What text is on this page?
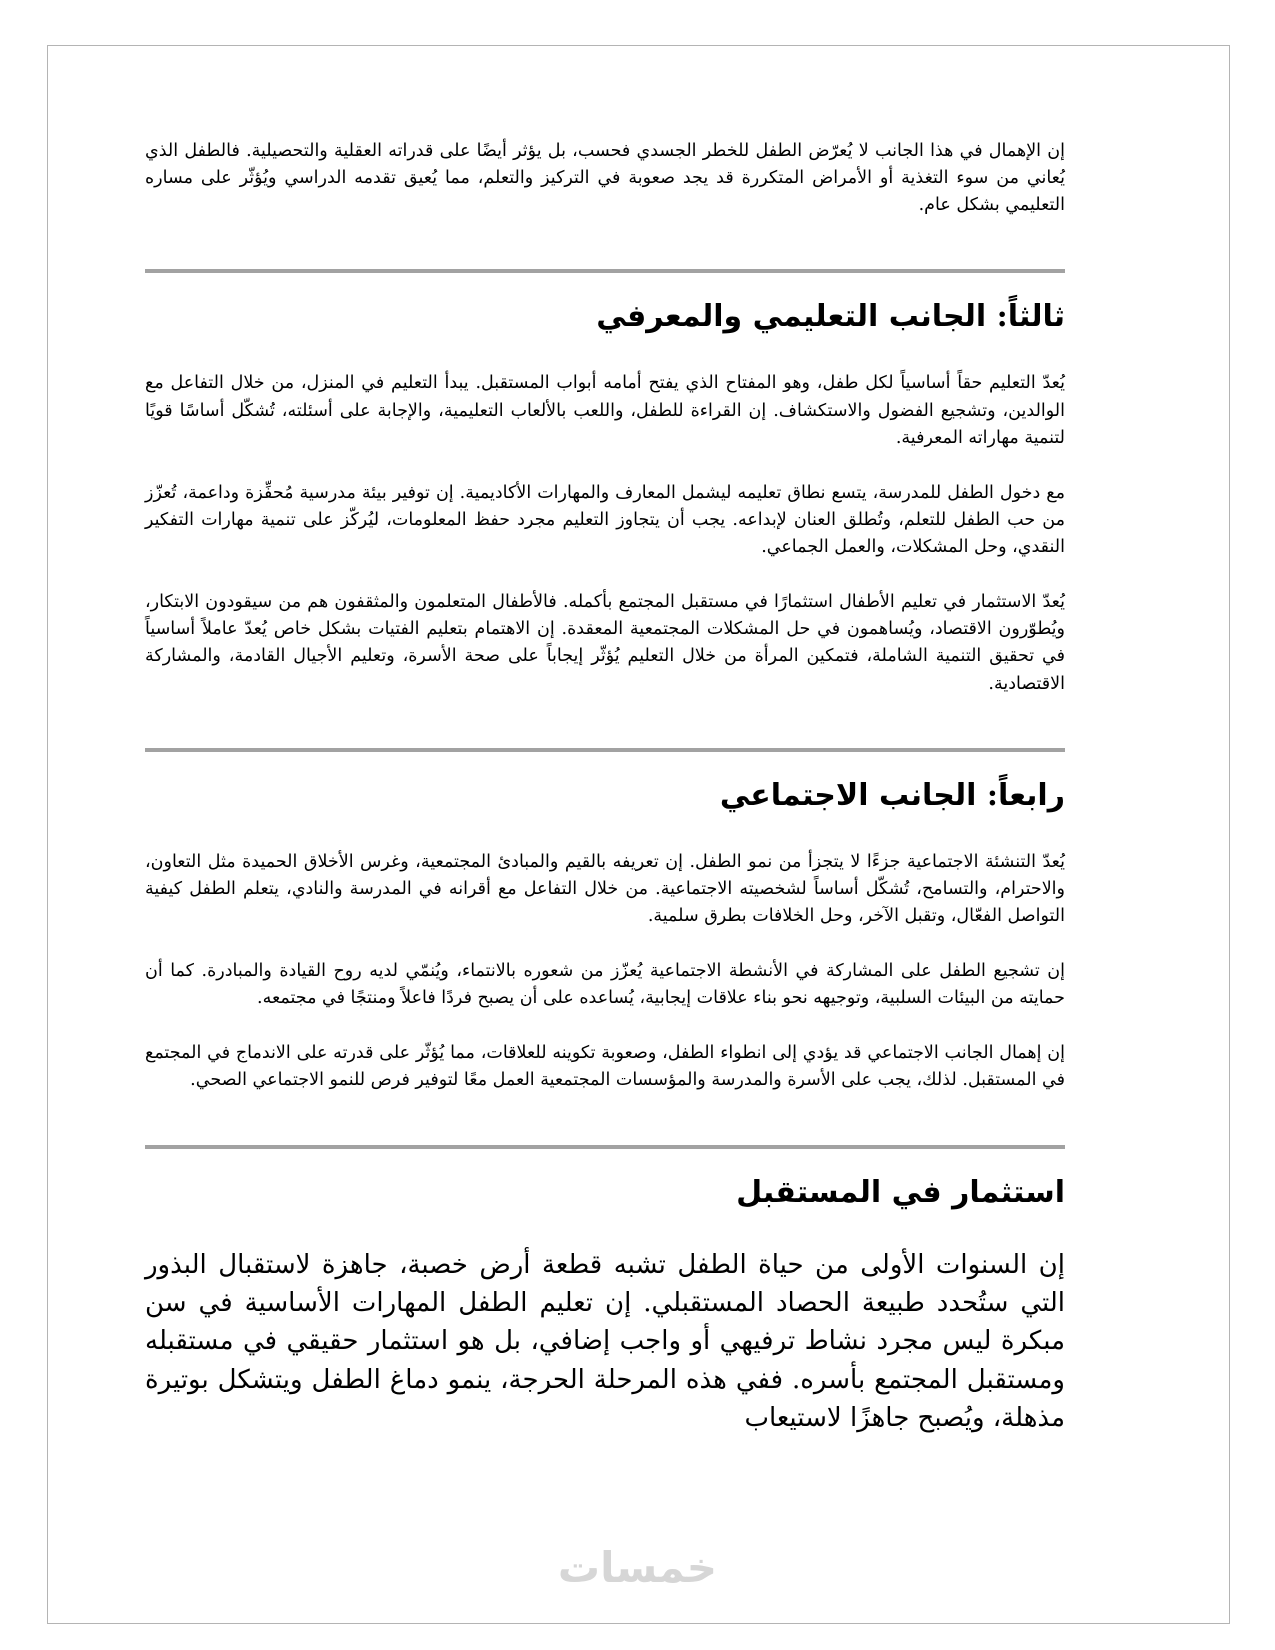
إن الإهمال في هذا الجانب لا يُعرّض الطفل للخطر الجسدي فحسب، بل يؤثر أيضًا على قدراته العقلية والتحصيلية. فالطفل الذي يُعاني من سوء التغذية أو الأمراض المتكررة قد يجد صعوبة في التركيز والتعلم، مما يُعيق تقدمه الدراسي ويُؤثّر على مساره التعليمي بشكل عام.

ثالثاً: الجانب التعليمي والمعرفي

يُعدّ التعليم حقاً أساسياً لكل طفل، وهو المفتاح الذي يفتح أمامه أبواب المستقبل. يبدأ التعليم في المنزل، من خلال التفاعل مع الوالدين، وتشجيع الفضول والاستكشاف. إن القراءة للطفل، واللعب بالألعاب التعليمية، والإجابة على أسئلته، تُشكّل أساسًا قويًا لتنمية مهاراته المعرفية.

مع دخول الطفل للمدرسة، يتسع نطاق تعليمه ليشمل المعارف والمهارات الأكاديمية. إن توفير بيئة مدرسية مُحفِّزة وداعمة، تُعزّز من حب الطفل للتعلم، وتُطلق العنان لإبداعه. يجب أن يتجاوز التعليم مجرد حفظ المعلومات، ليُركّز على تنمية مهارات التفكير النقدي، وحل المشكلات، والعمل الجماعي.

يُعدّ الاستثمار في تعليم الأطفال استثمارًا في مستقبل المجتمع بأكمله. فالأطفال المتعلمون والمثقفون هم من سيقودون الابتكار، ويُطوّرون الاقتصاد، ويُساهمون في حل المشكلات المجتمعية المعقدة. إن الاهتمام بتعليم الفتيات بشكل خاص يُعدّ عاملاً أساسياً في تحقيق التنمية الشاملة، فتمكين المرأة من خلال التعليم يُؤثّر إيجاباً على صحة الأسرة، وتعليم الأجيال القادمة، والمشاركة الاقتصادية.

رابعاً: الجانب الاجتماعي

يُعدّ التنشئة الاجتماعية جزءًا لا يتجزأ من نمو الطفل. إن تعريفه بالقيم والمبادئ المجتمعية، وغرس الأخلاق الحميدة مثل التعاون، والاحترام، والتسامح، تُشكّل أساساً لشخصيته الاجتماعية. من خلال التفاعل مع أقرانه في المدرسة والنادي، يتعلم الطفل كيفية التواصل الفعّال، وتقبل الآخر، وحل الخلافات بطرق سلمية.

إن تشجيع الطفل على المشاركة في الأنشطة الاجتماعية يُعزّز من شعوره بالانتماء، ويُنمّي لديه روح القيادة والمبادرة. كما أن حمايته من البيئات السلبية، وتوجيهه نحو بناء علاقات إيجابية، يُساعده على أن يصبح فردًا فاعلاً ومنتجًا في مجتمعه.

إن إهمال الجانب الاجتماعي قد يؤدي إلى انطواء الطفل، وصعوبة تكوينه للعلاقات، مما يُؤثّر على قدرته على الاندماج في المجتمع في المستقبل. لذلك، يجب على الأسرة والمدرسة والمؤسسات المجتمعية العمل معًا لتوفير فرص للنمو الاجتماعي الصحي.

استثمار في المستقبل

إن السنوات الأولى من حياة الطفل تشبه قطعة أرض خصبة، جاهزة لاستقبال البذور التي ستُحدد طبيعة الحصاد المستقبلي. إن تعليم الطفل المهارات الأساسية في سن مبكرة ليس مجرد نشاط ترفيهي أو واجب إضافي، بل هو استثمار حقيقي في مستقبله ومستقبل المجتمع بأسره. ففي هذه المرحلة الحرجة، ينمو دماغ الطفل ويتشكل بوتيرة مذهلة، ويُصبح جاهزًا لاستيعاب

خمسات
